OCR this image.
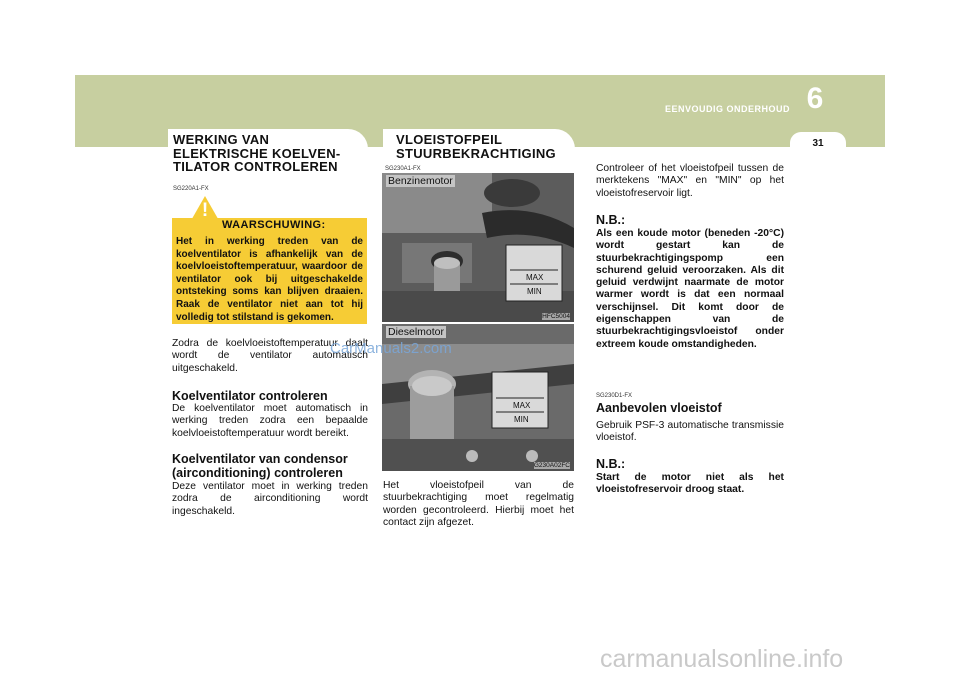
EENVOUDIG ONDERHOUD 6
31
WERKING VAN
ELEKTRISCHE KOELVEN-
TILATOR CONTROLEREN
SG220A1-FX
Het in werking treden van de koelventilator is afhankelijk van de koelvloeistoftemperatuur, waardoor de ventilator ook bij uitgeschakelde ontsteking soms kan blijven draaien. Raak de ventilator niet aan tot hij volledig tot stilstand is gekomen.
!
WAARSCHUWING:
Zodra de koelvloeistoftemperatuur daalt wordt de ventilator automatisch uitgeschakeld.
Koelventilator controleren
De koelventilator moet automatisch in werking treden zodra een bepaalde koelvloeistoftemperatuur wordt bereikt.
Koelventilator van condensor
(airconditioning) controleren
Deze ventilator moet in werking treden zodra de airconditioning wordt ingeschakeld.
VLOEISTOFPEIL
STUURBEKRACHTIGING
SG230A1-FX
MAX
MIN
Benzinemotor
HFC5004
MAX
MIN
Dieselmotor
G230A02FC
Het vloeistofpeil van de stuurbekrachtiging moet regelmatig worden gecontroleerd. Hierbij moet het contact zijn afgezet.
Controleer of het vloeistofpeil tussen de merktekens "MAX" en "MIN" op het vloeistofreservoir ligt.
N.B.:
Als een koude motor (beneden -20°C) wordt gestart kan de stuurbekrachtigingspomp een schurend geluid veroorzaken. Als dit geluid verdwijnt naarmate de motor warmer wordt is dat een normaal verschijnsel. Dit komt door de eigenschappen van de stuurbekrachtigingsvloeistof onder extreem koude omstandigheden.
SG230D1-FX
Aanbevolen vloeistof
Gebruik PSF-3 automatische transmissie vloeistof.
N.B.:
Start de motor niet als het vloeistofreservoir droog staat.
CarManuals2.com
carmanualsonline.info
